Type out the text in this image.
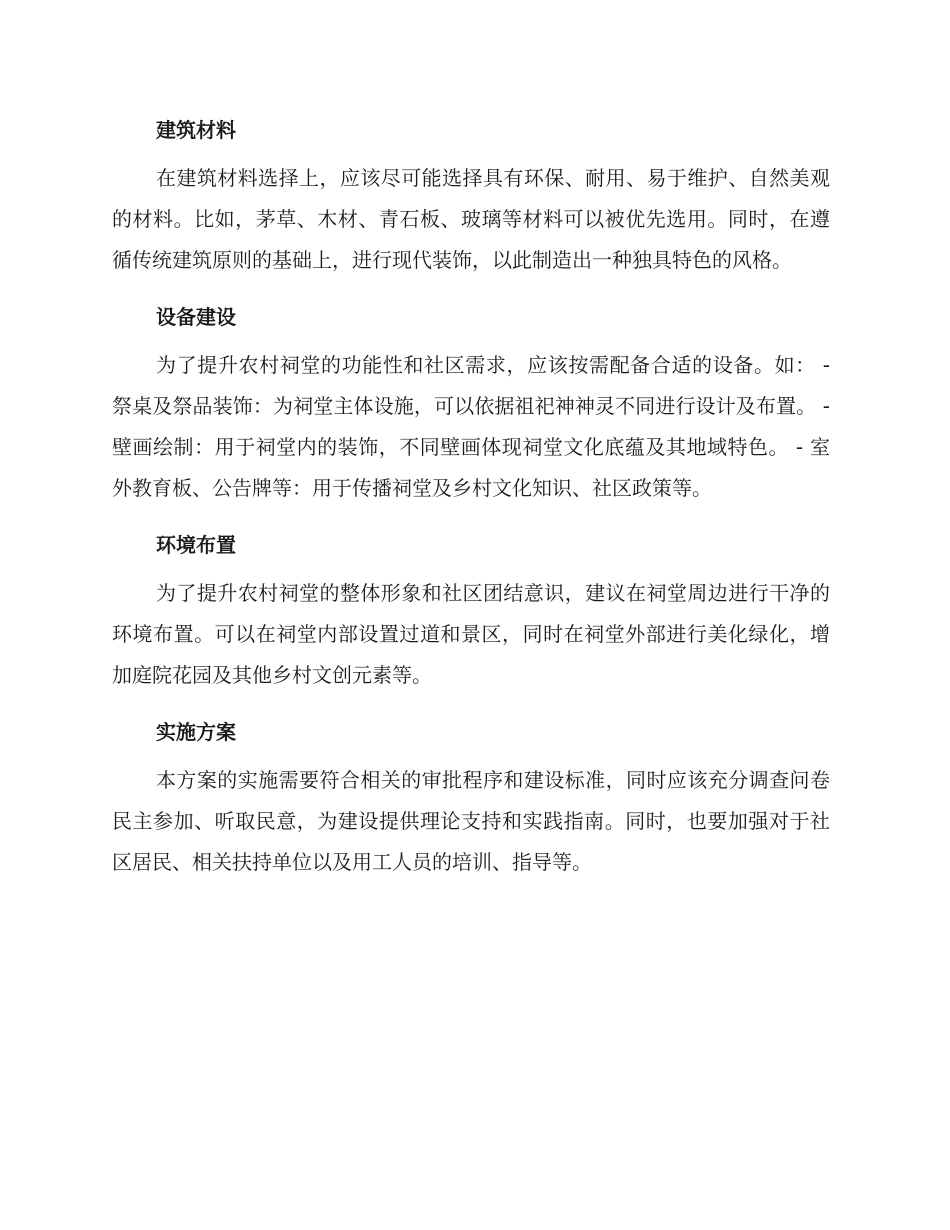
建筑材料

在建筑材料选择上，应该尽可能选择具有环保、耐用、易于维护、自然美观的材料。比如，茅草、木材、青石板、玻璃等材料可以被优先选用。同时，在遵循传统建筑原则的基础上，进行现代装饰，以此制造出一种独具特色的风格。

设备建设

为了提升农村祠堂的功能性和社区需求，应该按需配备合适的设备。如： - 祭桌及祭品装饰：为祠堂主体设施，可以依据祖祀神神灵不同进行设计及布置。 - 壁画绘制：用于祠堂内的装饰，不同壁画体现祠堂文化底蕴及其地域特色。 - 室外教育板、公告牌等：用于传播祠堂及乡村文化知识、社区政策等。

环境布置

为了提升农村祠堂的整体形象和社区团结意识，建议在祠堂周边进行干净的环境布置。可以在祠堂内部设置过道和景区，同时在祠堂外部进行美化绿化，增加庭院花园及其他乡村文创元素等。

实施方案

本方案的实施需要符合相关的审批程序和建设标准，同时应该充分调查问卷民主参加、听取民意，为建设提供理论支持和实践指南。同时，也要加强对于社区居民、相关扶持单位以及用工人员的培训、指导等。
